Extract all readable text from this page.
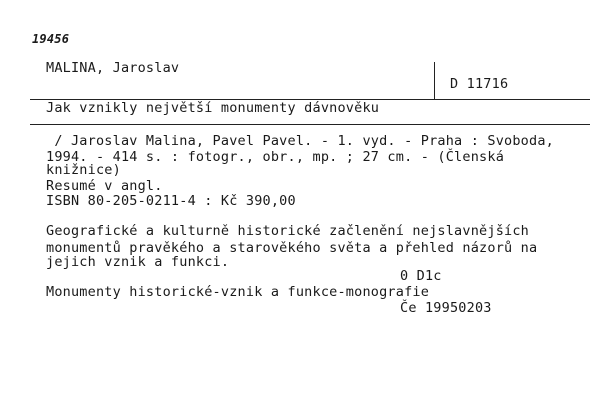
19456
MALINA, Jaroslav
D 11716
Jak vznikly největší monumenty dávnověku
/ Jaroslav Malina, Pavel Pavel. - 1. vyd. - Praha : Svoboda,
1994. - 414 s. : fotogr., obr., mp. ; 27 cm. - (Členská
knižnice)
Resumé v angl.
ISBN 80-205-0211-4 : Kč 390,00
Geografické a kulturně historické začlenění nejslavnějších
monumentů pravěkého a starověkého světa a přehled názorů na
jejich vznik a funkci.
0 D1c
Monumenty historické-vznik a funkce-monografie
Če 19950203
